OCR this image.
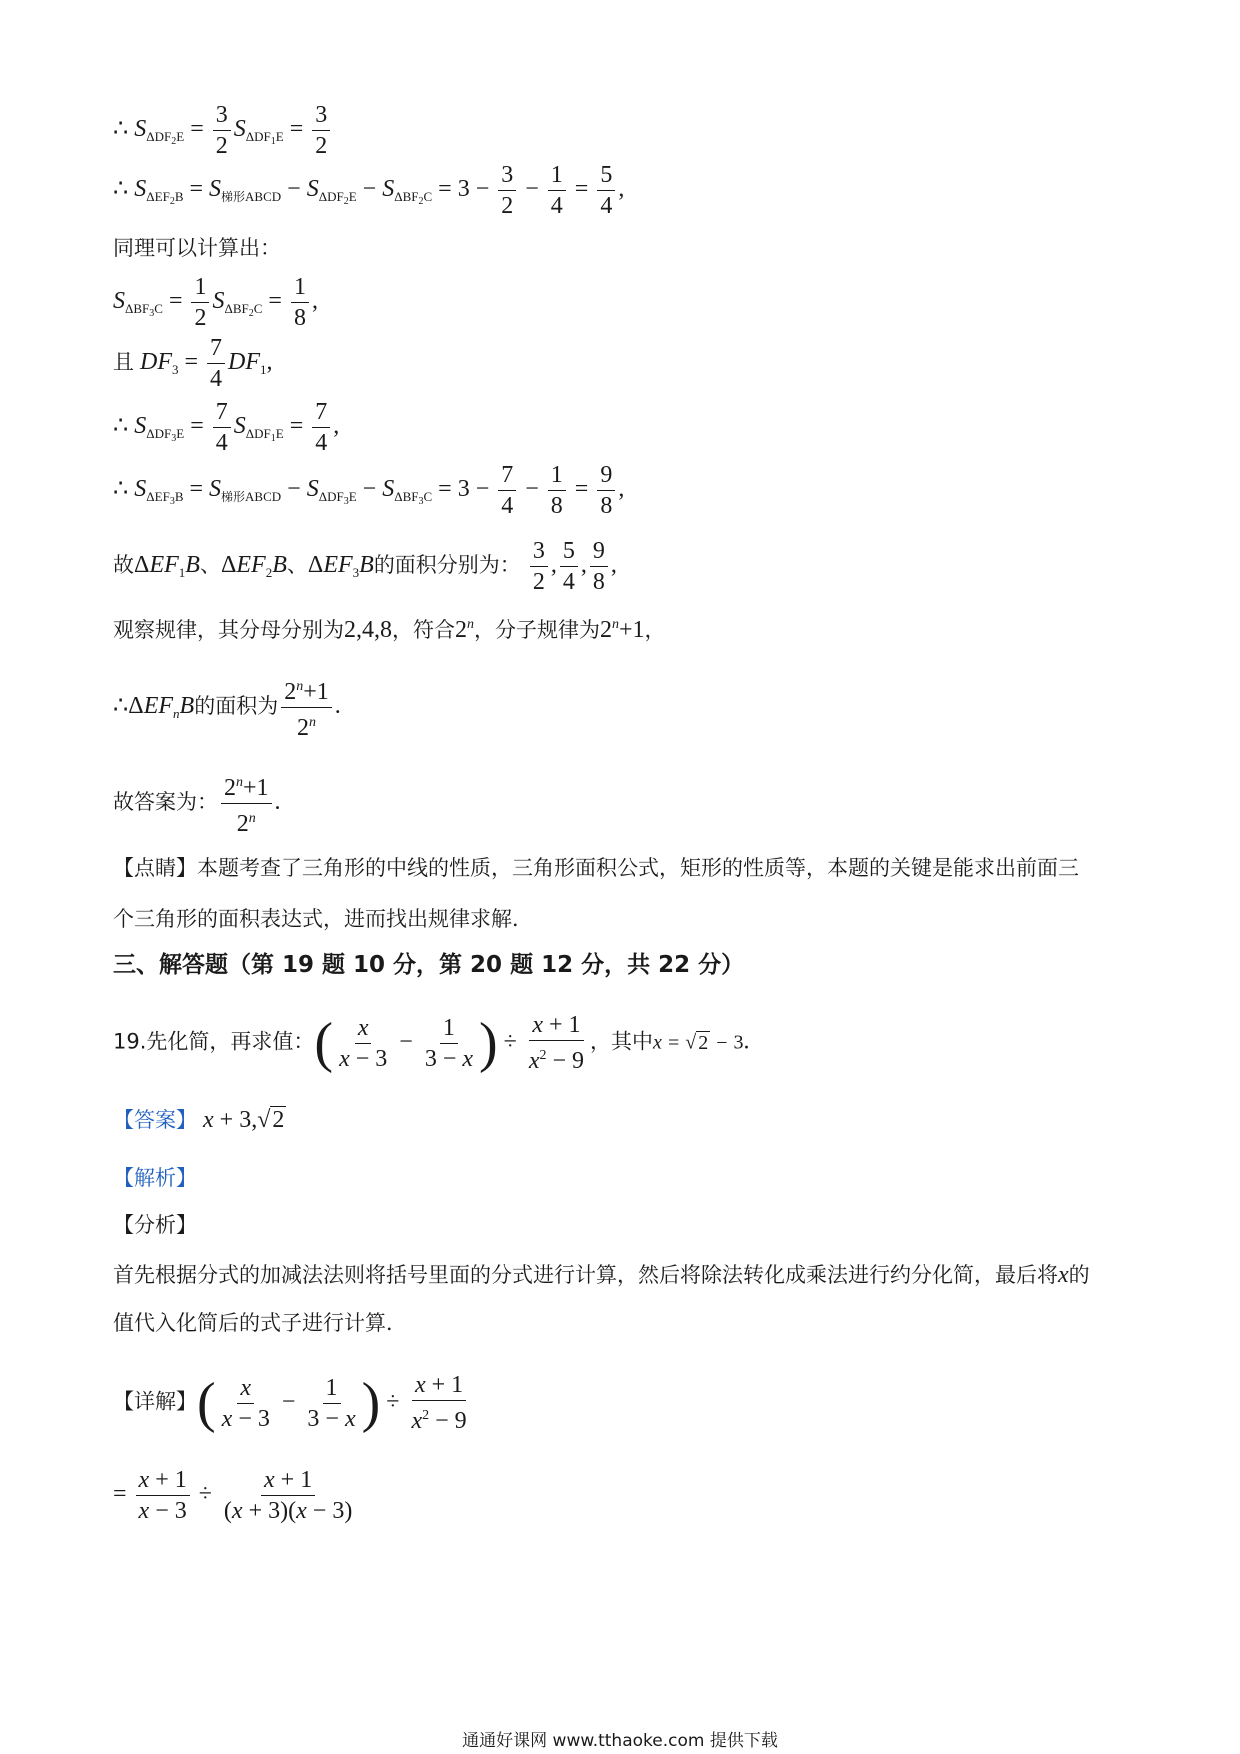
∴ $S_{\Delta DF_2E} = \frac{3}{2} S_{\Delta DF_1E} = \frac{3}{2}$
∴ $S_{\Delta EF_2B} = S_{梯形ABCD} - S_{\Delta DF_2E} - S_{\Delta BF_2C} = 3 - \frac{3}{2} - \frac{1}{4} = \frac{5}{4}$ ,
同理可以计算出：
$S_{\Delta BF_3C} = \frac{1}{2} S_{\Delta BF_2C} = \frac{1}{8}$ ,
且 $DF_3 = \frac{7}{4} DF_1$,
∴ $S_{\Delta DF_3E} = \frac{7}{4} S_{\Delta DF_1E} = \frac{7}{4}$ ,
∴ $S_{\Delta EF_3B} = S_{梯形ABCD} - S_{\Delta DF_3E} - S_{\Delta BF_3C} = 3 - \frac{7}{4} - \frac{1}{8} = \frac{9}{8}$ ,
故$\Delta EF_1B$、$\Delta EF_2B$、$\Delta EF_3B$的面积分别为： $\frac{3}{2}$ , $\frac{5}{4}$ , $\frac{9}{8}$ ,
观察规律，其分母分别为2,4,8，符合2$^n$，分子规律为$2^n+1$，
$\therefore\Delta EF_nB$的面积为 $\frac{2^n+1}{2^n}$ .
故答案为： $\frac{2^n+1}{2^n}$ .
【点睛】本题考查了三角形的中线的性质，三角形面积公式，矩形的性质等，本题的关键是能求出前面三
个三角形的面积表达式，进而找出规律求解．
三、解答题（第 19 题 10 分，第 20 题 12 分，共 22 分）
19.先化简，再求值：( $\frac{x}{x - 3} - \frac{1}{3 - x}$ ) ÷ $\frac{x + 1}{x^2 - 9}$ ，其中x = √ 2 − 3.
【答案】 x + 3,√2
【解析】
【分析】
首先根据分式的加减法法则将括号里面的分式进行计算，然后将除法转化成乘法进行约分化简，最后将x的
值代入化简后的式子进行计算．
【详解】( $\frac{x}{x - 3} - \frac{1}{3 - x}$ ) ÷ $\frac{x + 1}{x^2 - 9}$
= $\frac{x + 1}{x - 3} \div \frac{x + 1}{(x + 3)(x - 3)}$
通通好课网 www.tthaoke.com 提供下载
